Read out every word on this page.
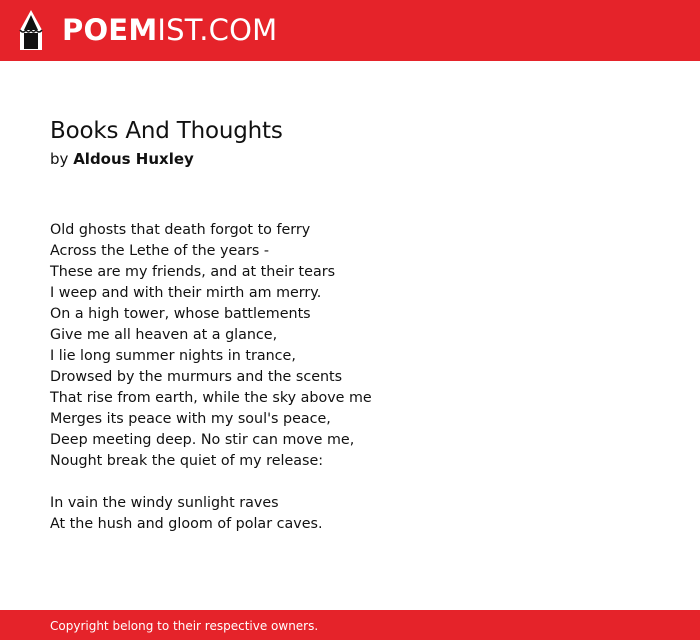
POEMIST.COM
Books And Thoughts
by Aldous Huxley
Old ghosts that death forgot to ferry
Across the Lethe of the years -
These are my friends, and at their tears
I weep and with their mirth am merry.
On a high tower, whose battlements
Give me all heaven at a glance,
I lie long summer nights in trance,
Drowsed by the murmurs and the scents
That rise from earth, while the sky above me
Merges its peace with my soul's peace,
Deep meeting deep. No stir can move me,
Nought break the quiet of my release:
In vain the windy sunlight raves
At the hush and gloom of polar caves.
Copyright belong to their respective owners.
